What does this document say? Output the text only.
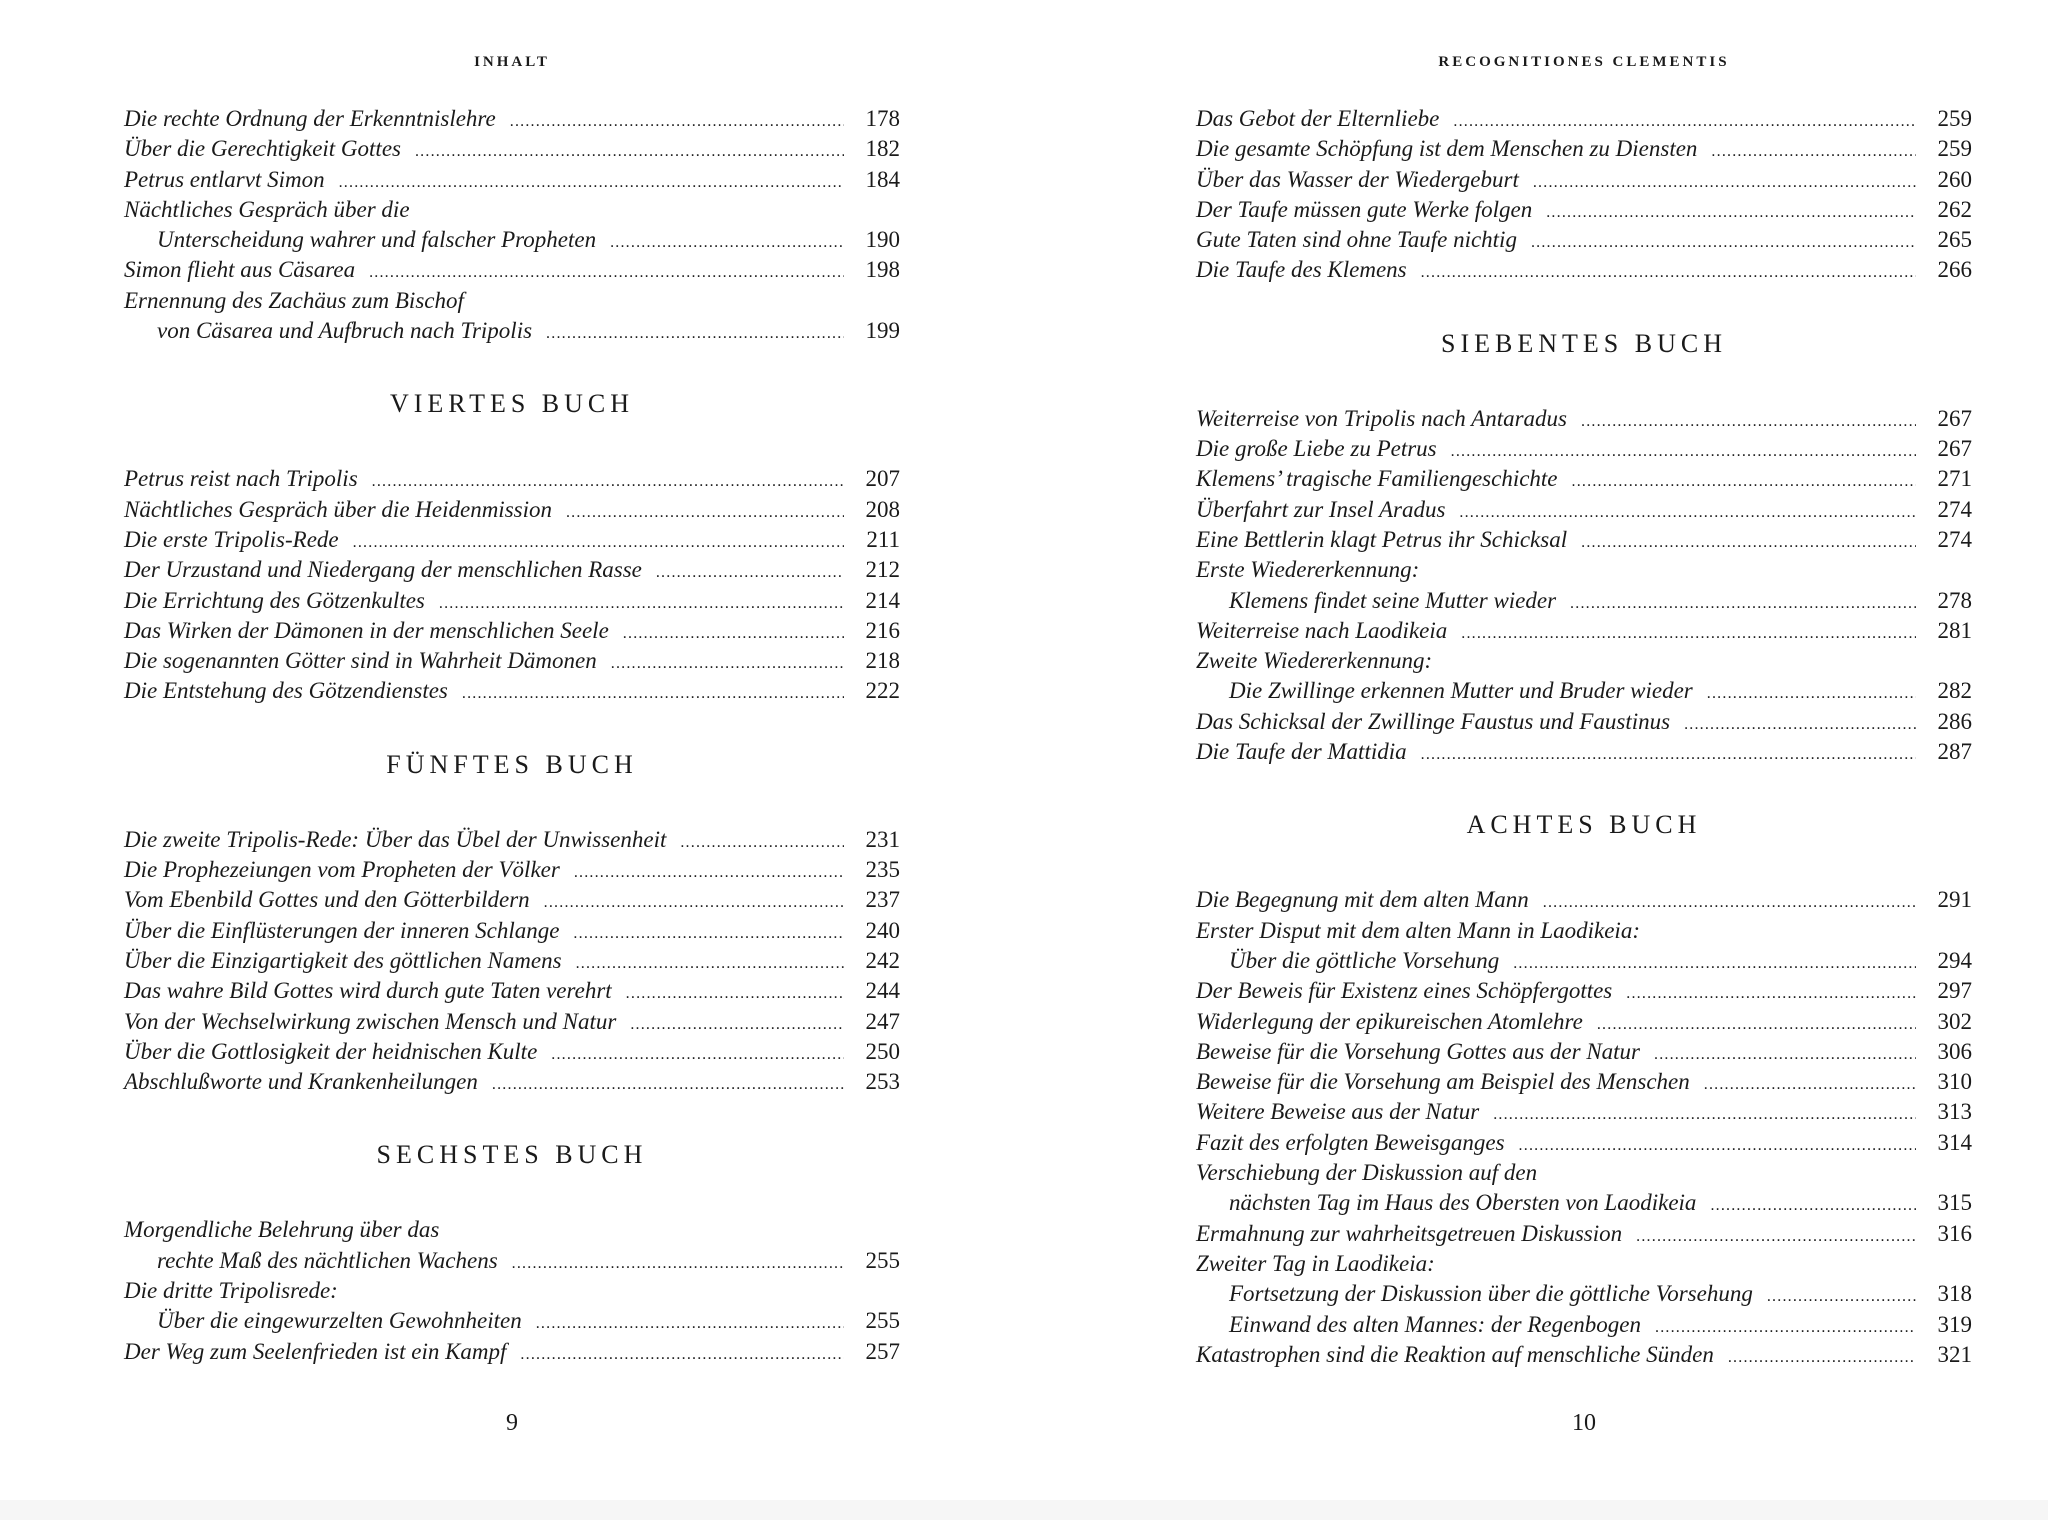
INHALT
Die rechte Ordnung der Erkenntnislehre .....	178
Über die Gerechtigkeit Gottes .....	182
Petrus entlarvt Simon .....	184
Nächtliches Gespräch über die
Unterscheidung wahrer und falscher Propheten .....	190
Simon flieht aus Cäsarea .....	198
Ernennung des Zachäus zum Bischof
von Cäsarea und Aufbruch nach Tripolis .....	199
VIERTES BUCH
Petrus reist nach Tripolis .....	207
Nächtliches Gespräch über die Heidenmission .....	208
Die erste Tripolis-Rede .....	211
Der Urzustand und Niedergang der menschlichen Rasse .....	212
Die Errichtung des Götzenkultes .....	214
Das Wirken der Dämonen in der menschlichen Seele .....	216
Die sogenannten Götter sind in Wahrheit Dämonen .....	218
Die Entstehung des Götzendienstes .....	222
FÜNFTES BUCH
Die zweite Tripolis-Rede: Über das Übel der Unwissenheit .....	231
Die Prophezeiungen vom Propheten der Völker .....	235
Vom Ebenbild Gottes und den Götterbildern .....	237
Über die Einflüsterungen der inneren Schlange .....	240
Über die Einzigartigkeit des göttlichen Namens .....	242
Das wahre Bild Gottes wird durch gute Taten verehrt .....	244
Von der Wechselwirkung zwischen Mensch und Natur .....	247
Über die Gottlosigkeit der heidnischen Kulte .....	250
Abschlußworte und Krankenheilungen .....	253
SECHSTES BUCH
Morgendliche Belehrung über das
rechte Maß des nächtlichen Wachens .....	255
Die dritte Tripolisrede:
Über die eingewurzelten Gewohnheiten .....	255
Der Weg zum Seelenfrieden ist ein Kampf .....	257
9
RECOGNITIONES CLEMENTIS
Das Gebot der Elternliebe .....	259
Die gesamte Schöpfung ist dem Menschen zu Diensten .....	259
Über das Wasser der Wiedergeburt .....	260
Der Taufe müssen gute Werke folgen .....	262
Gute Taten sind ohne Taufe nichtig .....	265
Die Taufe des Klemens .....	266
SIEBENTES BUCH
Weiterreise von Tripolis nach Antaradus .....	267
Die große Liebe zu Petrus .....	267
Klemens’ tragische Familiengeschichte .....	271
Überfahrt zur Insel Aradus .....	274
Eine Bettlerin klagt Petrus ihr Schicksal .....	274
Erste Wiedererkennung:
Klemens findet seine Mutter wieder .....	278
Weiterreise nach Laodikeia .....	281
Zweite Wiedererkennung:
Die Zwillinge erkennen Mutter und Bruder wieder .....	282
Das Schicksal der Zwillinge Faustus und Faustinus .....	286
Die Taufe der Mattidia .....	287
ACHTES BUCH
Die Begegnung mit dem alten Mann .....	291
Erster Disput mit dem alten Mann in Laodikeia:
Über die göttliche Vorsehung .....	294
Der Beweis für Existenz eines Schöpfergottes .....	297
Widerlegung der epikureischen Atomlehre .....	302
Beweise für die Vorsehung Gottes aus der Natur .....	306
Beweise für die Vorsehung am Beispiel des Menschen .....	310
Weitere Beweise aus der Natur .....	313
Fazit des erfolgten Beweisganges .....	314
Verschiebung der Diskussion auf den
nächsten Tag im Haus des Obersten von Laodikeia .....	315
Ermahnung zur wahrheitsgetreuen Diskussion .....	316
Zweiter Tag in Laodikeia:
Fortsetzung der Diskussion über die göttliche Vorsehung .....	318
Einwand des alten Mannes: der Regenbogen .....	319
Katastrophen sind die Reaktion auf menschliche Sünden .....	321
10
